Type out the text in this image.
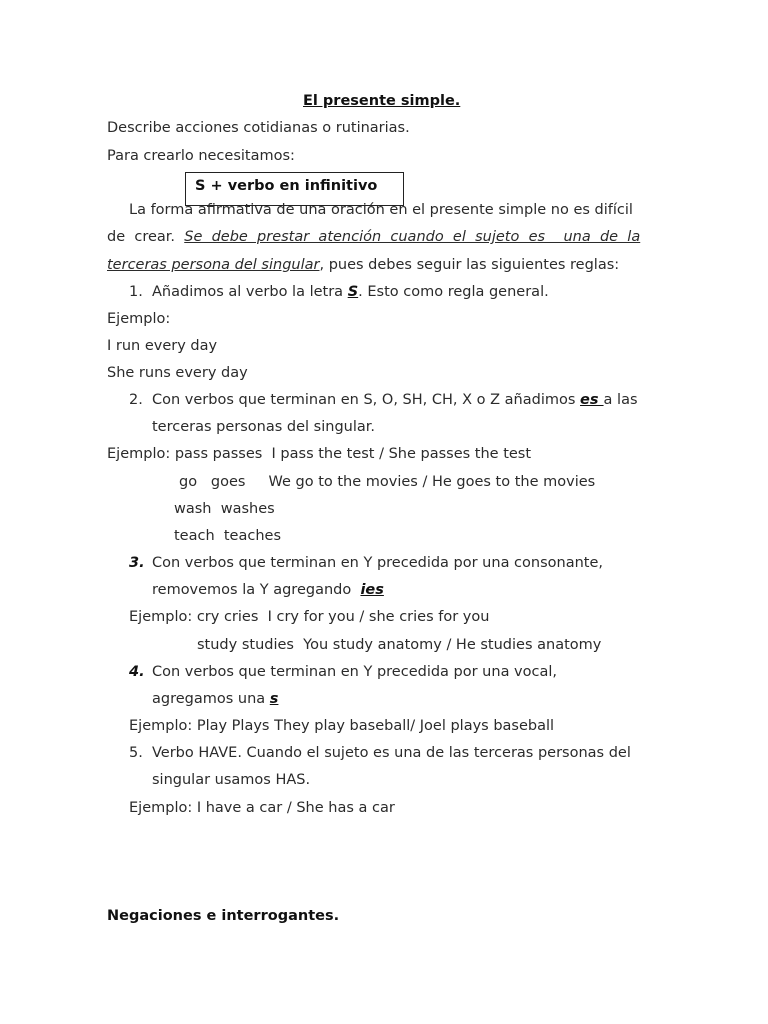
El presente simple.
Describe acciones cotidianas o rutinarias.
Para crearlo necesitamos:
S + verbo en infinitivo
La forma afirmativa de una oración en el presente simple no es difícil
de  crear. Se  debe  prestar  atención  cuando  el  sujeto  es    una  de  la
terceras persona del singular, pues debes seguir las siguientes reglas:
1. Añadimos al verbo la letra S. Esto como regla general.
Ejemplo:
I run every day
She runs every day
2. Con verbos que terminan en S, O, SH, CH, X o Z añadimos es a las
terceras personas del singular.
Ejemplo: pass passes  I pass the test / She passes the test
go   goes     We go to the movies / He goes to the movies
wash  washes
teach  teaches
3. Con verbos que terminan en Y precedida por una consonante,
removemos la Y agregando  ies
Ejemplo: cry cries  I cry for you / she cries for you
study studies  You study anatomy / He studies anatomy
4. Con verbos que terminan en Y precedida por una vocal,
agregamos una s
Ejemplo: Play Plays They play baseball/ Joel plays baseball
5. Verbo HAVE. Cuando el sujeto es una de las terceras personas del
singular usamos HAS.
Ejemplo: I have a car / She has a car
Negaciones e interrogantes.
